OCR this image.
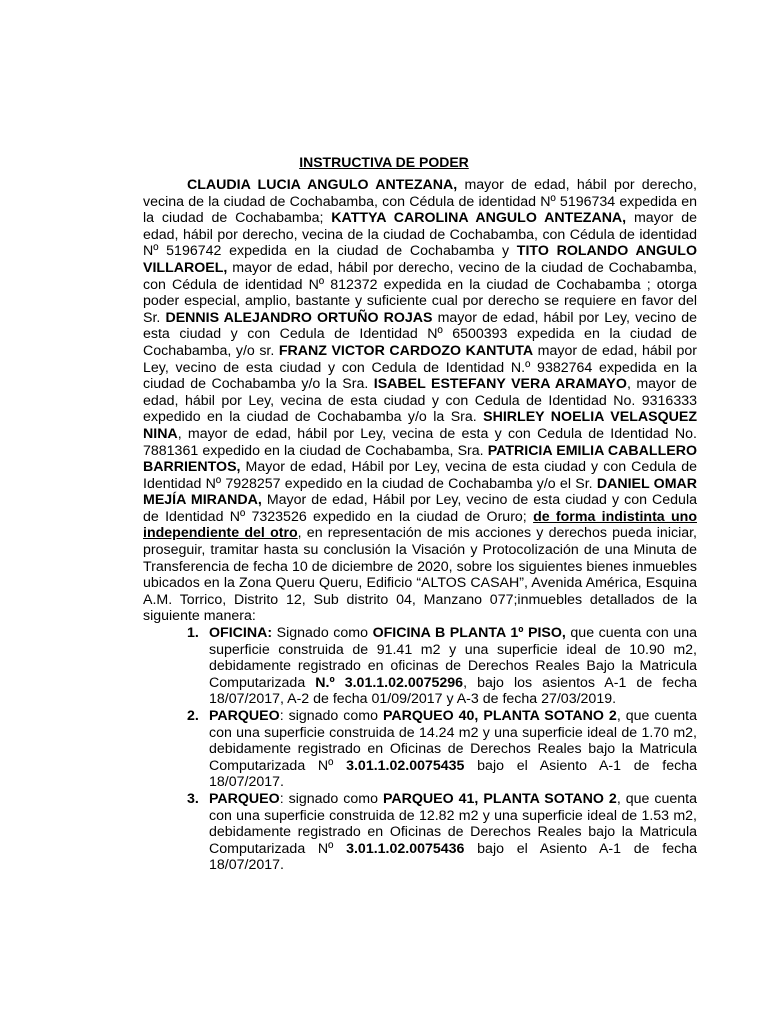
INSTRUCTIVA DE PODER

CLAUDIA LUCIA ANGULO ANTEZANA, mayor de edad, hábil por derecho, vecina de la ciudad de Cochabamba, con Cédula de identidad Nº 5196734 expedida en la ciudad de Cochabamba; KATTYA CAROLINA ANGULO ANTEZANA, mayor de edad, hábil por derecho, vecina de la ciudad de Cochabamba, con Cédula de identidad Nº 5196742 expedida en la ciudad de Cochabamba y TITO ROLANDO ANGULO VILLAROEL, mayor de edad, hábil por derecho, vecino de la ciudad de Cochabamba, con Cédula de identidad Nº 812372 expedida en la ciudad de Cochabamba ; otorga poder especial, amplio, bastante y suficiente cual por derecho se requiere en favor del Sr. DENNIS ALEJANDRO ORTUÑO ROJAS mayor de edad, hábil por Ley, vecino de esta ciudad y con Cedula de Identidad Nº 6500393 expedida en la ciudad de Cochabamba, y/o sr. FRANZ VICTOR CARDOZO KANTUTA mayor de edad, hábil por Ley, vecino de esta ciudad y con Cedula de Identidad N.º 9382764 expedida en la ciudad de Cochabamba y/o la Sra. ISABEL ESTEFANY VERA ARAMAYO, mayor de edad, hábil por Ley, vecina de esta ciudad y con Cedula de Identidad No. 9316333 expedido en la ciudad de Cochabamba y/o la Sra. SHIRLEY NOELIA VELASQUEZ NINA, mayor de edad, hábil por Ley, vecina de esta y con Cedula de Identidad No. 7881361 expedido en la ciudad de Cochabamba, Sra. PATRICIA EMILIA CABALLERO BARRIENTOS, Mayor de edad, Hábil por Ley, vecina de esta ciudad y con Cedula de Identidad Nº 7928257 expedido en la ciudad de Cochabamba y/o el Sr. DANIEL OMAR MEJÍA MIRANDA, Mayor de edad, Hábil por Ley, vecino de esta ciudad y con Cedula de Identidad Nº 7323526 expedido en la ciudad de Oruro; de forma indistinta uno independiente del otro, en representación de mis acciones y derechos pueda iniciar, proseguir, tramitar hasta su conclusión la Visación y Protocolización de una Minuta de Transferencia de fecha 10 de diciembre de 2020, sobre los siguientes bienes inmuebles ubicados en la Zona Queru Queru, Edificio “ALTOS CASAH”, Avenida América, Esquina A.M. Torrico, Distrito 12, Sub distrito 04, Manzano 077;inmuebles detallados de la siguiente manera:

1. OFICINA: Signado como OFICINA B PLANTA 1º PISO, que cuenta con una superficie construida de 91.41 m2 y una superficie ideal de 10.90 m2, debidamente registrado en oficinas de Derechos Reales Bajo la Matricula Computarizada N.º 3.01.1.02.0075296, bajo los asientos A-1 de fecha 18/07/2017, A-2 de fecha 01/09/2017 y A-3 de fecha 27/03/2019.
2. PARQUEO: signado como PARQUEO 40, PLANTA SOTANO 2, que cuenta con una superficie construida de 14.24 m2 y una superficie ideal de 1.70 m2, debidamente registrado en Oficinas de Derechos Reales bajo la Matricula Computarizada Nº 3.01.1.02.0075435 bajo el Asiento A-1 de fecha 18/07/2017.
3. PARQUEO: signado como PARQUEO 41, PLANTA SOTANO 2, que cuenta con una superficie construida de 12.82 m2 y una superficie ideal de 1.53 m2, debidamente registrado en Oficinas de Derechos Reales bajo la Matricula Computarizada Nº 3.01.1.02.0075436 bajo el Asiento A-1 de fecha 18/07/2017.
